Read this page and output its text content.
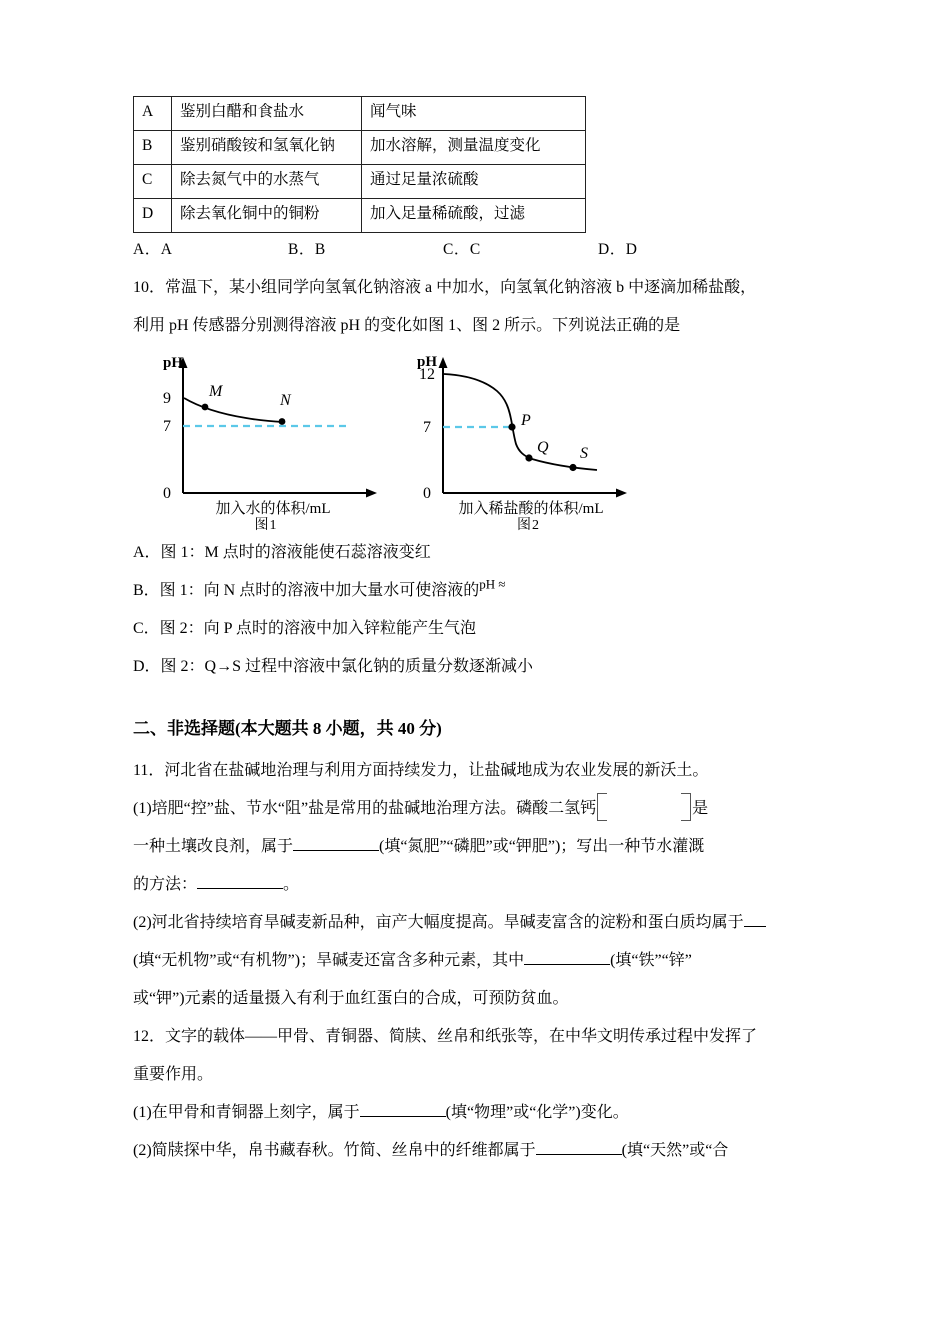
A	鉴别白醋和食盐水	闻气味
B	鉴别硝酸铵和氢氧化钠	加水溶解，测量温度变化
C	除去氮气中的水蒸气	通过足量浓硫酸
D	除去氧化铜中的铜粉	加入足量稀硫酸，过滤
A．A	B．B	C．C	D．D

10．常温下，某小组同学向氢氧化钠溶液 a 中加水，向氢氧化钠溶液 b 中逐滴加稀盐酸，

利用 pH 传感器分别测得溶液 pH 的变化如图 1、图 2 所示。下列说法正确的是

pH
9
7
0
M
N
加入水的体积/mL
图1
pH
12
7
0
P
Q S
加入稀盐酸的体积/mL
图2

A．图 1：M 点时的溶液能使石蕊溶液变红

B．图 1：向 N 点时的溶液中加大量水可使溶液的$^{pH \approx}$

C．图 2：向 P 点时的溶液中加入锌粒能产生气泡

D．图 2：Q→S 过程中溶液中氯化钠的质量分数逐渐减小

二、非选择题(本大题共 8 小题，共 40 分)

11．河北省在盐碱地治理与利用方面持续发力，让盐碱地成为农业发展的新沃土。

(1)培肥“控”盐、节水“阻”盐是常用的盐碱地治理方法。磷酸二氢钙	是

一种土壤改良剂，属于	(填“氮肥”“磷肥”或“钾肥”)；写出一种节水灌溉

的方法：	。

(2)河北省持续培育旱碱麦新品种，亩产大幅度提高。旱碱麦富含的淀粉和蛋白质均属于

(填“无机物”或“有机物”)；旱碱麦还富含多种元素，其中	(填“铁”“锌”

或“钾”)元素的适量摄入有利于血红蛋白的合成，可预防贫血。

12．文字的载体——甲骨、青铜器、简牍、丝帛和纸张等，在中华文明传承过程中发挥了

重要作用。

(1)在甲骨和青铜器上刻字，属于	(填“物理”或“化学”)变化。

(2)简牍探中华，帛书藏春秋。竹简、丝帛中的纤维都属于	(填“天然”或“合
